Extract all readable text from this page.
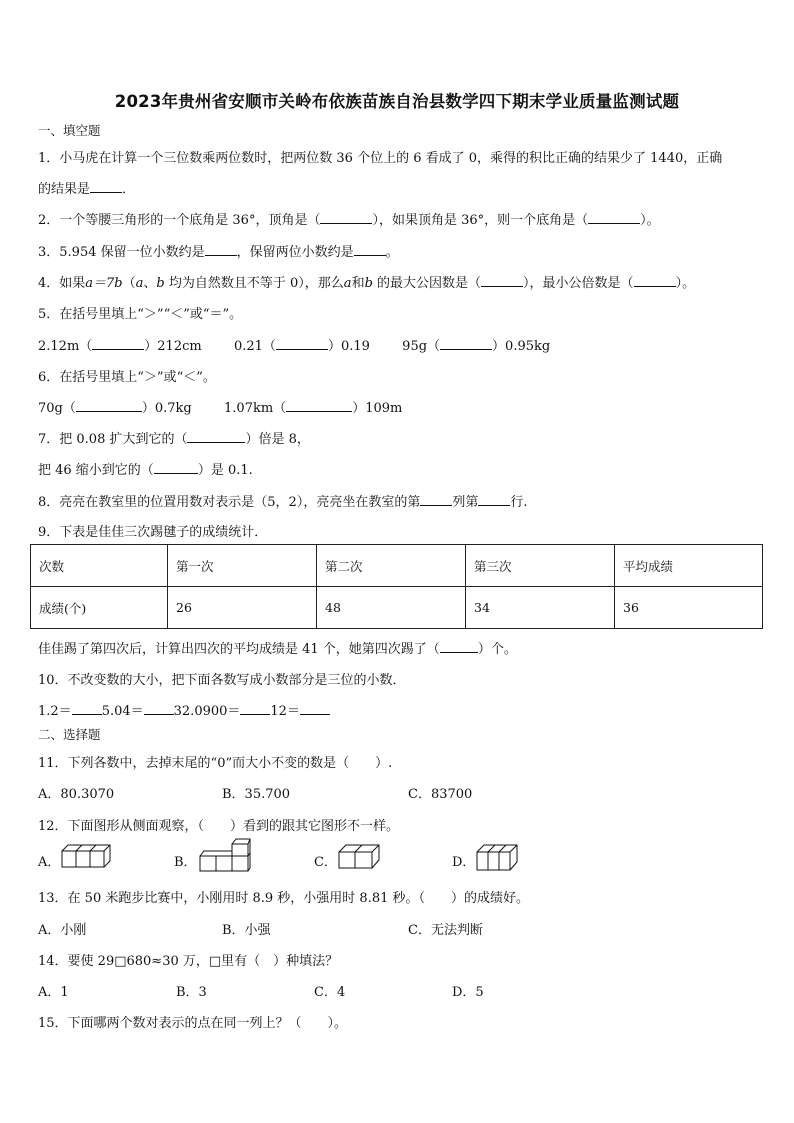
2023年贵州省安顺市关岭布依族苗族自治县数学四下期末学业质量监测试题
一、填空题
1．小马虎在计算一个三位数乘两位数时，把两位数 36 个位上的 6 看成了 0，乘得的积比正确的结果少了 1440，正确
的结果是 ．
2．一个等腰三角形的一个底角是 36°，顶角是（	），如果顶角是 36°，则一个底角是（	）。
3．5.954 保留一位小数约是 ，保留两位小数约是 。
4．如果a＝7b（a、b 均为自然数且不等于 0），那么a和b 的最大公因数是（	），最小公倍数是（	）。
5．在括号里填上“＞”“＜”或“＝”。
2.12m（	）212cm 0.21（	）0.19 95g（	）0.95kg
6．在括号里填上“＞”或“＜”。
70g（	）0.7kg 1.07km（	）109m
7．把 0.08 扩大到它的（	）倍是 8，
把 46 缩小到它的（	）是 0.1.
8．亮亮在教室里的位置用数对表示是（5，2），亮亮坐在教室的第 列第 行.
9．下表是佳佳三次踢毽子的成绩统计．
次数	第一次	第二次	第三次	平均成绩
成绩(个)	26	48	34	36
佳佳踢了第四次后，计算出四次的平均成绩是 41 个，她第四次踢了（	）个。
10．不改变数的大小，把下面各数写成小数部分是三位的小数．
1.2＝ 5.04＝ 32.0900＝ 12＝
二、选择题
11．下列各数中，去掉末尾的“0”而大小不变的数是（　　）.
A．80.3070	B．35.700	C．83700
12．下面图形从侧面观察，（　　）看到的跟其它图形不一样。
A．	B．	C．	D．
13．在 50 米跑步比赛中，小刚用时 8.9 秒，小强用时 8.81 秒。（　　）的成绩好。
A．小刚	B．小强	C．无法判断
14．要使 29□680≈30 万，□里有（　）种填法？
A．1	B．3	C．4	D．5
15．下面哪两个数对表示的点在同一列上？（　　）。
